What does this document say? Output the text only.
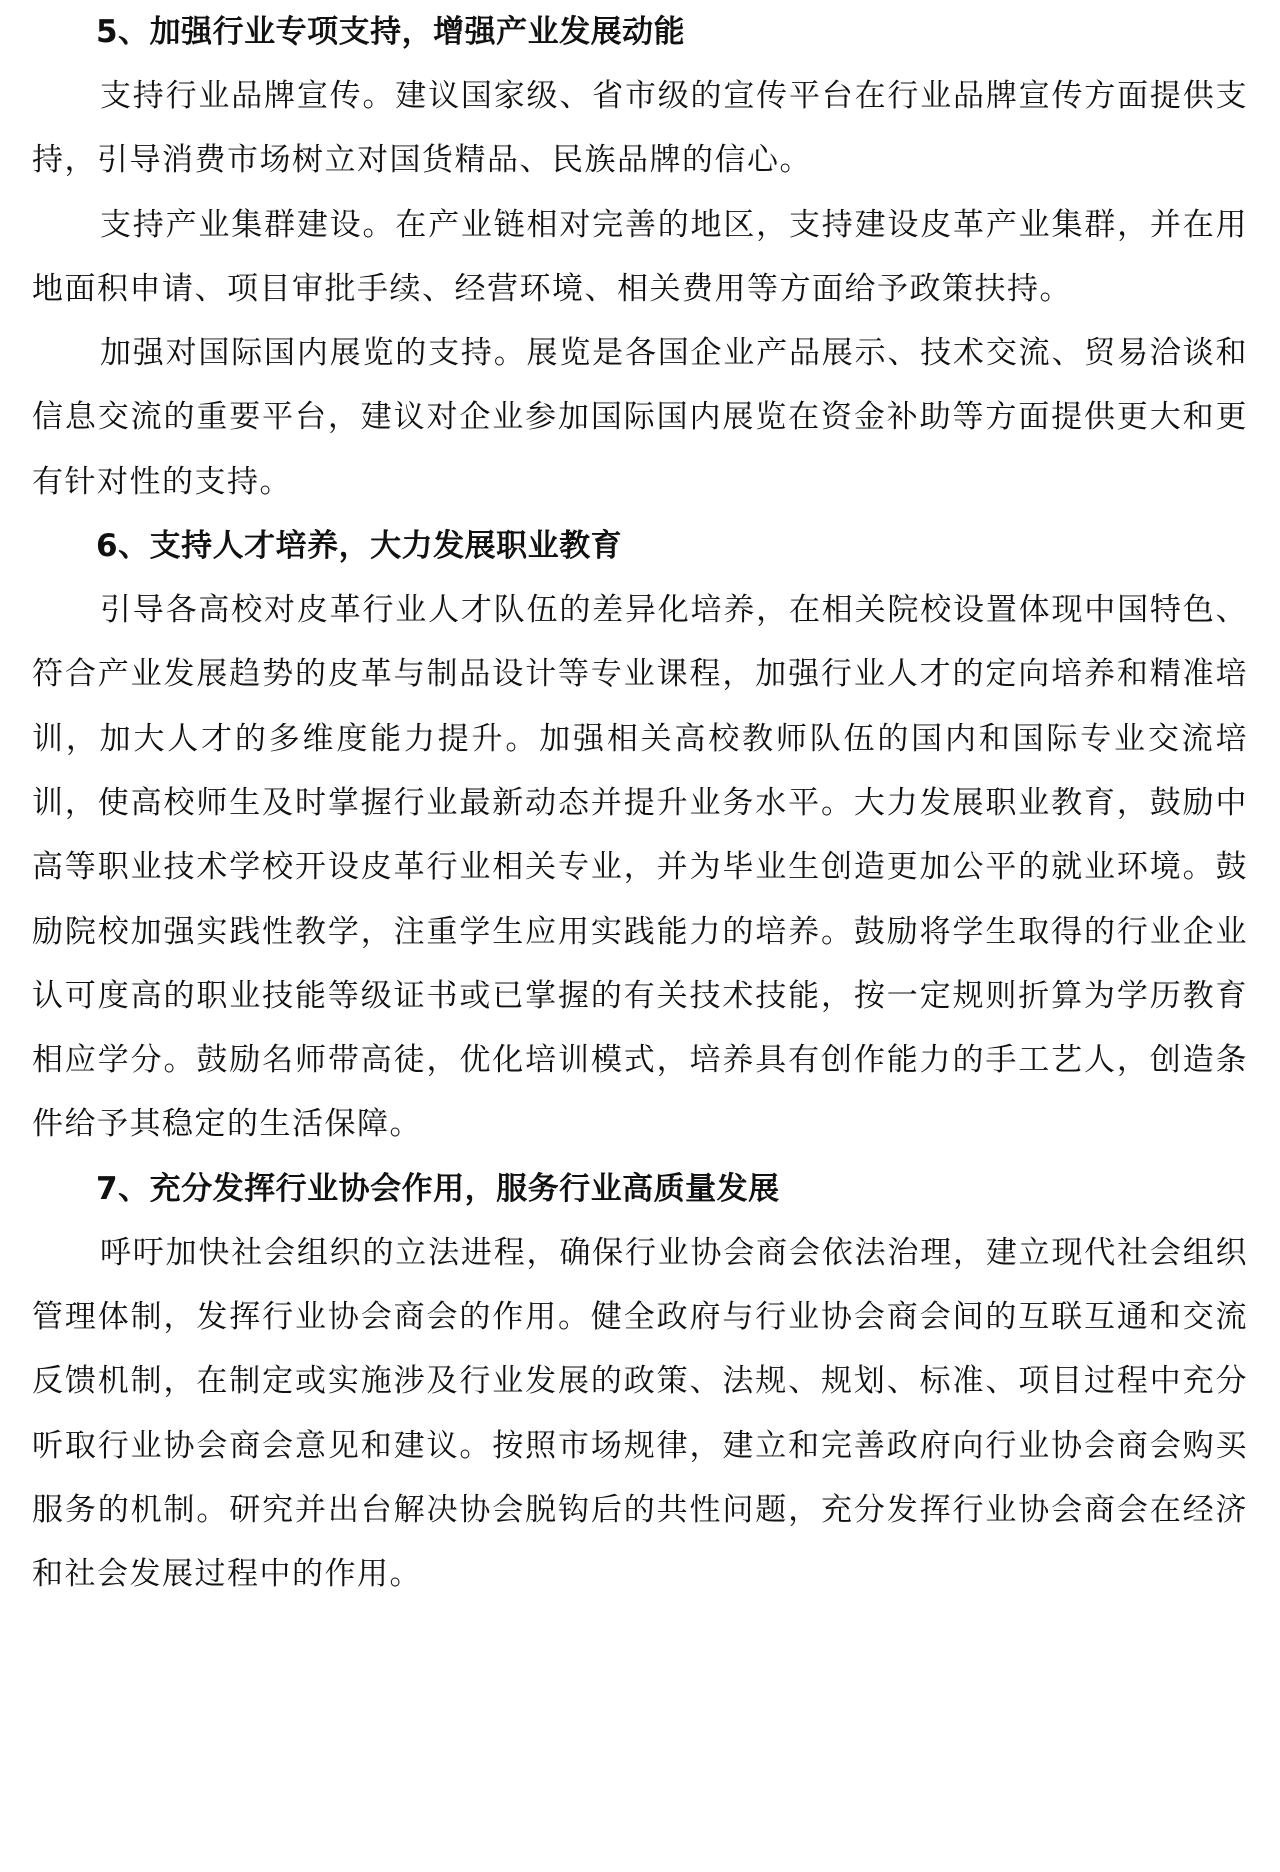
5、加强行业专项支持，增强产业发展动能

支持行业品牌宣传。建议国家级、省市级的宣传平台在行业品牌宣传方面提供支持，引导消费市场树立对国货精品、民族品牌的信心。

支持产业集群建设。在产业链相对完善的地区，支持建设皮革产业集群，并在用地面积申请、项目审批手续、经营环境、相关费用等方面给予政策扶持。

加强对国际国内展览的支持。展览是各国企业产品展示、技术交流、贸易洽谈和信息交流的重要平台，建议对企业参加国际国内展览在资金补助等方面提供更大和更有针对性的支持。

6、支持人才培养，大力发展职业教育

引导各高校对皮革行业人才队伍的差异化培养，在相关院校设置体现中国特色、符合产业发展趋势的皮革与制品设计等专业课程，加强行业人才的定向培养和精准培训，加大人才的多维度能力提升。加强相关高校教师队伍的国内和国际专业交流培训，使高校师生及时掌握行业最新动态并提升业务水平。大力发展职业教育，鼓励中高等职业技术学校开设皮革行业相关专业，并为毕业生创造更加公平的就业环境。鼓励院校加强实践性教学，注重学生应用实践能力的培养。鼓励将学生取得的行业企业认可度高的职业技能等级证书或已掌握的有关技术技能，按一定规则折算为学历教育相应学分。鼓励名师带高徒，优化培训模式，培养具有创作能力的手工艺人，创造条件给予其稳定的生活保障。

7、充分发挥行业协会作用，服务行业高质量发展

呼吁加快社会组织的立法进程，确保行业协会商会依法治理，建立现代社会组织管理体制，发挥行业协会商会的作用。健全政府与行业协会商会间的互联互通和交流反馈机制，在制定或实施涉及行业发展的政策、法规、规划、标准、项目过程中充分听取行业协会商会意见和建议。按照市场规律，建立和完善政府向行业协会商会购买服务的机制。研究并出台解决协会脱钩后的共性问题，充分发挥行业协会商会在经济和社会发展过程中的作用。
